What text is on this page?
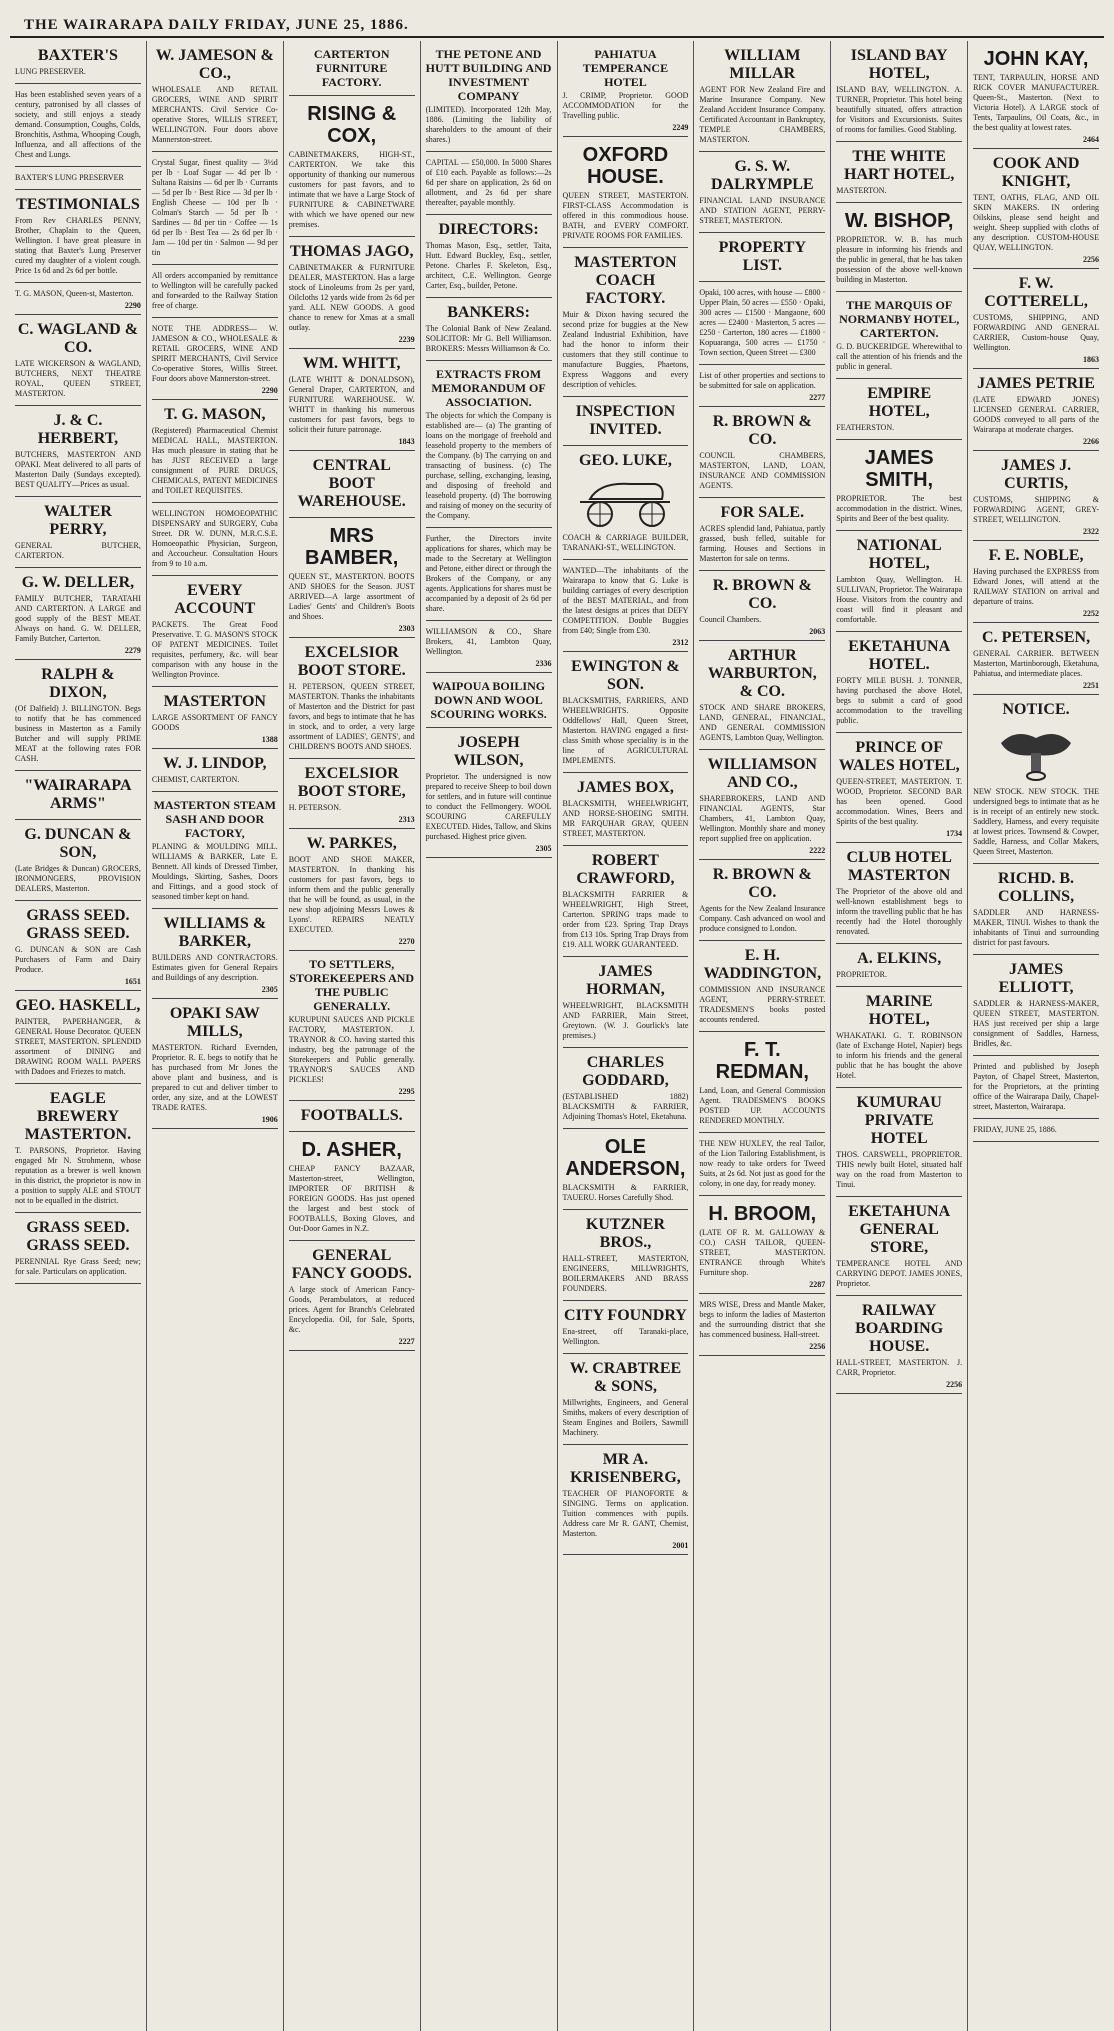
THE WAIRARAPA DAILY FRIDAY, JUNE 25, 1886.
BAXTER'S
LUNG PRESERVER.
Has been established seven years of a century, patronised by all classes of society, and still enjoys a steady demand. Consumption, Coughs, Colds, Bronchitis, Asthma, Whooping Cough, Influenza, and all affections of the Chest and Lungs.
BAXTER'S LUNG PRESERVER
TESTIMONIALS
From Rev CHARLES PENNY, Brother, Chaplain to the Queen, Wellington. I have great pleasure in stating that Baxter's Lung Preserver cured my daughter of a violent cough. Price 1s 6d and 2s 6d per bottle.
T. G. MASON, Queen-st, Masterton.
2290
C. WAGLAND & CO.
LATE WICKERSON & WAGLAND, BUTCHERS, NEXT THEATRE ROYAL, QUEEN STREET, MASTERTON.
J. & C. HERBERT,
BUTCHERS, MASTERTON AND OPAKI. Meat delivered to all parts of Masterton Daily (Sundays excepted). BEST QUALITY—Prices as usual.
WALTER PERRY,
GENERAL BUTCHER, CARTERTON.
G. W. DELLER,
FAMILY BUTCHER, TARATAHI AND CARTERTON. A LARGE and good supply of the BEST MEAT. Always on hand. G. W. DELLER, Family Butcher, Carterton.
2279
RALPH & DIXON,
(Of Dalfield) J. BILLINGTON. Begs to notify that he has commenced business in Masterton as a Family Butcher and will supply PRIME MEAT at the following rates FOR CASH.
"WAIRARAPA ARMS"
G. DUNCAN & SON,
(Late Bridges & Duncan) GROCERS, IRONMONGERS, PROVISION DEALERS, Masterton.
GRASS SEED. GRASS SEED.
G. DUNCAN & SON are Cash Purchasers of Farm and Dairy Produce.
1651
GEO. HASKELL,
PAINTER, PAPERHANGER, & GENERAL House Decorator. QUEEN STREET, MASTERTON. SPLENDID assortment of DINING and DRAWING ROOM WALL PAPERS with Dadoes and Friezes to match.
EAGLE BREWERY MASTERTON.
T. PARSONS, Proprietor. Having engaged Mr N. Strohmenn, whose reputation as a brewer is well known in this district, the proprietor is now in a position to supply ALE and STOUT not to be equalled in the district.
GRASS SEED. GRASS SEED.
PERENNIAL Rye Grass Seed; new; for sale. Particulars on application.
W. JAMESON & CO.,
WHOLESALE AND RETAIL GROCERS, WINE AND SPIRIT MERCHANTS. Civil Service Co-operative Stores, WILLIS STREET, WELLINGTON. Four doors above Mannerston-street.
Crystal Sugar, finest quality — 3½d per lb · Loaf Sugar — 4d per lb · Sultana Raisins — 6d per lb · Currants — 5d per lb · Best Rice — 3d per lb · English Cheese — 10d per lb · Colman's Starch — 5d per lb · Sardines — 8d per tin · Coffee — 1s 6d per lb · Best Tea — 2s 6d per lb · Jam — 10d per tin · Salmon — 9d per tin
All orders accompanied by remittance to Wellington will be carefully packed and forwarded to the Railway Station free of charge.
NOTE THE ADDRESS— W. JAMESON & CO., WHOLESALE & RETAIL GROCERS, WINE AND SPIRIT MERCHANTS, Civil Service Co-operative Stores, Willis Street. Four doors above Mannerston-street.
2290
T. G. MASON,
(Registered) Pharmaceutical Chemist MEDICAL HALL, MASTERTON. Has much pleasure in stating that he has JUST RECEIVED a large consignment of PURE DRUGS, CHEMICALS, PATENT MEDICINES and TOILET REQUISITES.
WELLINGTON HOMOEOPATHIC DISPENSARY and SURGERY, Cuba Street. DR W. DUNN, M.R.C.S.E. Homoeopathic Physician, Surgeon, and Accoucheur. Consultation Hours from 9 to 10 a.m.
EVERY ACCOUNT
PACKETS. The Great Food Preservative. T. G. MASON'S STOCK OF PATENT MEDICINES. Toilet requisites, perfumery, &c. will bear comparison with any house in the Wellington Province.
MASTERTON
LARGE ASSORTMENT OF FANCY GOODS
1388
W. J. LINDOP,
CHEMIST, CARTERTON.
MASTERTON STEAM SASH AND DOOR FACTORY,
PLANING & MOULDING MILL. WILLIAMS & BARKER, Late E. Bennett. All kinds of Dressed Timber, Mouldings, Skirting, Sashes, Doors and Fittings, and a good stock of seasoned timber kept on hand.
WILLIAMS & BARKER,
BUILDERS AND CONTRACTORS. Estimates given for General Repairs and Buildings of any description.
2305
OPAKI SAW MILLS,
MASTERTON. Richard Evernden, Proprietor. R. E. begs to notify that he has purchased from Mr Jones the above plant and business, and is prepared to cut and deliver timber to order, any size, and at the LOWEST TRADE RATES.
1906
CARTERTON FURNITURE FACTORY.
RISING & COX,
CABINETMAKERS, HIGH-ST., CARTERTON. We take this opportunity of thanking our numerous customers for past favors, and to intimate that we have a Large Stock of FURNITURE & CABINETWARE with which we have opened our new premises.
THOMAS JAGO,
CABINETMAKER & FURNITURE DEALER, MASTERTON. Has a large stock of Linoleums from 2s per yard, Oilcloths 12 yards wide from 2s 6d per yard. ALL NEW GOODS. A good chance to renew for Xmas at a small outlay.
2239
WM. WHITT,
(LATE WHITT & DONALDSON), General Draper, CARTERTON, and FURNITURE WAREHOUSE. W. WHITT in thanking his numerous customers for past favors, begs to solicit their future patronage.
1843
CENTRAL BOOT WAREHOUSE.
MRS BAMBER,
QUEEN ST., MASTERTON. BOOTS AND SHOES for the Season. JUST ARRIVED—A large assortment of Ladies' Gents' and Children's Boots and Shoes.
2303
EXCELSIOR BOOT STORE.
H. PETERSON, QUEEN STREET, MASTERTON. Thanks the inhabitants of Masterton and the District for past favors, and begs to intimate that he has in stock, and to order, a very large assortment of LADIES', GENTS', and CHILDREN'S BOOTS AND SHOES.
EXCELSIOR BOOT STORE,
H. PETERSON.
2313
W. PARKES,
BOOT AND SHOE MAKER, MASTERTON. In thanking his customers for past favors, begs to inform them and the public generally that he will be found, as usual, in the new shop adjoining Messrs Lowes & Lyons'. REPAIRS NEATLY EXECUTED.
2270
TO SETTLERS, STOREKEEPERS AND THE PUBLIC GENERALLY.
KURUPUNI SAUCES AND PICKLE FACTORY, MASTERTON. J. TRAYNOR & CO. having started this industry, beg the patronage of the Storekeepers and Public generally. TRAYNOR'S SAUCES AND PICKLES!
2295
FOOTBALLS.
D. ASHER,
CHEAP FANCY BAZAAR, Masterton-street, Wellington, IMPORTER OF BRITISH & FOREIGN GOODS. Has just opened the largest and best stock of FOOTBALLS, Boxing Gloves, and Out-Door Games in N.Z.
GENERAL FANCY GOODS.
A large stock of American Fancy-Goods, Perambulators, at reduced prices. Agent for Branch's Celebrated Encyclopedia. Oil, for Sale, Sports, &c.
2227
THE PETONE AND HUTT BUILDING AND INVESTMENT COMPANY
(LIMITED). Incorporated 12th May, 1886. (Limiting the liability of shareholders to the amount of their shares.)
CAPITAL — £50,000. In 5000 Shares of £10 each. Payable as follows:—2s 6d per share on application, 2s 6d on allotment, and 2s 6d per share thereafter, payable monthly.
DIRECTORS:
Thomas Mason, Esq., settler, Taita, Hutt. Edward Buckley, Esq., settler, Petone. Charles F. Skeleton, Esq., architect, C.E. Wellington. George Carter, Esq., builder, Petone.
BANKERS:
The Colonial Bank of New Zealand. SOLICITOR: Mr G. Bell Williamson. BROKERS: Messrs Williamson & Co.
EXTRACTS FROM MEMORANDUM OF ASSOCIATION.
The objects for which the Company is established are— (a) The granting of loans on the mortgage of freehold and leasehold property to the members of the Company. (b) The carrying on and transacting of business. (c) The purchase, selling, exchanging, leasing, and disposing of freehold and leasehold property. (d) The borrowing and raising of money on the security of the Company.
Further, the Directors invite applications for shares, which may be made to the Secretary at Wellington and Petone, either direct or through the Brokers of the Company, or any agents. Applications for shares must be accompanied by a deposit of 2s 6d per share.
WILLIAMSON & CO., Share Brokers, 41, Lambton Quay, Wellington.
2336
WAIPOUA BOILING DOWN AND WOOL SCOURING WORKS.
JOSEPH WILSON,
Proprietor. The undersigned is now prepared to receive Sheep to boil down for settlers, and in future will continue to conduct the Fellmongery. WOOL SCOURING CAREFULLY EXECUTED. Hides, Tallow, and Skins purchased. Highest price given.
2305
PAHIATUA TEMPERANCE HOTEL
J. CRIMP, Proprietor. GOOD ACCOMMODATION for the Travelling public.
2249
OXFORD HOUSE.
QUEEN STREET, MASTERTON. FIRST-CLASS Accommodation is offered in this commodious house. BATH, and EVERY COMFORT. PRIVATE ROOMS FOR FAMILIES.
MASTERTON COACH FACTORY.
Muir & Dixon having secured the second prize for buggies at the New Zealand Industrial Exhibition, have had the honor to inform their customers that they still continue to manufacture Buggies, Phaetons, Express Waggons and every description of vehicles.
INSPECTION INVITED.
GEO. LUKE,
COACH & CARRIAGE BUILDER, TARANAKI-ST., WELLINGTON.
WANTED—The inhabitants of the Wairarapa to know that G. Luke is building carriages of every description of the BEST MATERIAL, and from the latest designs at prices that DEFY COMPETITION. Double Buggies from £40; Single from £30.
2312
EWINGTON & SON.
BLACKSMITHS, FARRIERS, AND WHEELWRIGHTS. Opposite Oddfellows' Hall, Queen Street, Masterton. HAVING engaged a first-class Smith whose speciality is in the line of AGRICULTURAL IMPLEMENTS.
JAMES BOX,
BLACKSMITH, WHEELWRIGHT, AND HORSE-SHOEING SMITH. MR FARQUHAR GRAY, QUEEN STREET, MASTERTON.
ROBERT CRAWFORD,
BLACKSMITH FARRIER & WHEELWRIGHT, High Street, Carterton. SPRING traps made to order from £23. Spring Trap Drays from £13 10s. Spring Trap Drays from £19. ALL WORK GUARANTEED.
JAMES HORMAN,
WHEELWRIGHT, BLACKSMITH AND FARRIER, Main Street, Greytown. (W. J. Gourlick's late premises.)
CHARLES GODDARD,
(ESTABLISHED 1882) BLACKSMITH & FARRIER, Adjoining Thomas's Hotel, Eketahuna.
OLE ANDERSON,
BLACKSMITH & FARRIER, TAUERU. Horses Carefully Shod.
KUTZNER BROS.,
HALL-STREET, MASTERTON, ENGINEERS, MILLWRIGHTS, BOILERMAKERS AND BRASS FOUNDERS.
CITY FOUNDRY
Ena-street, off Taranaki-place, Wellington.
W. CRABTREE & SONS,
Millwrights, Engineers, and General Smiths, makers of every description of Steam Engines and Boilers, Sawmill Machinery.
MR A. KRISENBERG,
TEACHER OF PIANOFORTE & SINGING. Terms on application. Tuition commences with pupils. Address care Mr R. GANT, Chemist, Masterton.
2001
WILLIAM MILLAR
AGENT FOR New Zealand Fire and Marine Insurance Company. New Zealand Accident Insurance Company. Certificated Accountant in Bankruptcy, TEMPLE CHAMBERS, MASTERTON.
G. S. W. DALRYMPLE
FINANCIAL LAND INSURANCE AND STATION AGENT, PERRY-STREET, MASTERTON.
PROPERTY LIST.
Opaki, 100 acres, with house — £800 · Upper Plain, 50 acres — £550 · Opaki, 300 acres — £1500 · Mangaone, 600 acres — £2400 · Masterton, 5 acres — £250 · Carterton, 180 acres — £1800 · Kopuaranga, 500 acres — £1750 · Town section, Queen Street — £300
List of other properties and sections to be submitted for sale on application.
2277
R. BROWN & CO.
COUNCIL CHAMBERS, MASTERTON, LAND, LOAN, INSURANCE AND COMMISSION AGENTS.
FOR SALE.
ACRES splendid land, Pahiatua, partly grassed, bush felled, suitable for farming. Houses and Sections in Masterton for sale on terms.
R. BROWN & CO.
Council Chambers.
2063
ARTHUR WARBURTON, & CO.
STOCK AND SHARE BROKERS, LAND, GENERAL, FINANCIAL, AND GENERAL COMMISSION AGENTS, Lambton Quay, Wellington.
WILLIAMSON AND CO.,
SHAREBROKERS, LAND AND FINANCIAL AGENTS, Star Chambers, 41, Lambton Quay, Wellington. Monthly share and money report supplied free on application.
2222
R. BROWN & CO.
Agents for the New Zealand Insurance Company. Cash advanced on wool and produce consigned to London.
E. H. WADDINGTON,
COMMISSION AND INSURANCE AGENT, PERRY-STREET. TRADESMEN'S books posted accounts rendered.
F. T. REDMAN,
Land, Loan, and General Commission Agent. TRADESMEN'S BOOKS POSTED UP. ACCOUNTS RENDERED MONTHLY.
THE NEW HUXLEY, the real Tailor, of the Lion Tailoring Establishment, is now ready to take orders for Tweed Suits, at 2s 6d. Not just as good for the colony, in one day, for ready money.
H. BROOM,
(LATE OF R. M. GALLOWAY & CO.) CASH TAILOR, QUEEN-STREET, MASTERTON. ENTRANCE through White's Furniture shop.
2287
MRS WISE, Dress and Mantle Maker, begs to inform the ladies of Masterton and the surrounding district that she has commenced business. Hall-street.
2256
ISLAND BAY HOTEL,
ISLAND BAY, WELLINGTON. A. TURNER, Proprietor. This hotel being beautifully situated, offers attraction for Visitors and Excursionists. Suites of rooms for families. Good Stabling.
THE WHITE HART HOTEL,
MASTERTON.
W. BISHOP,
PROPRIETOR. W. B. has much pleasure in informing his friends and the public in general, that he has taken possession of the above well-known building in Masterton.
THE MARQUIS OF NORMANBY HOTEL, CARTERTON.
G. D. BUCKERIDGE. Wherewithal to call the attention of his friends and the public in general.
EMPIRE HOTEL,
FEATHERSTON.
JAMES SMITH,
PROPRIETOR. The best accommodation in the district. Wines, Spirits and Beer of the best quality.
NATIONAL HOTEL,
Lambton Quay, Wellington. H. SULLIVAN, Proprietor. The Wairarapa House. Visitors from the country and coast will find it pleasant and comfortable.
EKETAHUNA HOTEL.
FORTY MILE BUSH. J. TONNER, having purchased the above Hotel, begs to submit a card of good accommodation to the travelling public.
PRINCE OF WALES HOTEL,
QUEEN-STREET, MASTERTON. T. WOOD, Proprietor. SECOND BAR has been opened. Good accommodation. Wines, Beers and Spirits of the best quality.
1734
CLUB HOTEL MASTERTON
The Proprietor of the above old and well-known establishment begs to inform the travelling public that he has recently had the Hotel thoroughly renovated.
A. ELKINS,
PROPRIETOR.
MARINE HOTEL,
WHAKATAKI. G. T. ROBINSON (late of Exchange Hotel, Napier) begs to inform his friends and the general public that he has bought the above Hotel.
KUMURAU PRIVATE HOTEL
THOS. CARSWELL, PROPRIETOR. THIS newly built Hotel, situated half way on the road from Masterton to Tinui.
EKETAHUNA GENERAL STORE,
TEMPERANCE HOTEL AND CARRYING DEPOT. JAMES JONES, Proprietor.
RAILWAY BOARDING HOUSE.
HALL-STREET, MASTERTON. J. CARR, Proprietor.
2256
JOHN KAY,
TENT, TARPAULIN, HORSE AND RICK COVER MANUFACTURER. Queen-St., Masterton. (Next to Victoria Hotel). A LARGE stock of Tents, Tarpaulins, Oil Coats, &c., in the best quality at lowest rates.
2464
COOK AND KNIGHT,
TENT, OATHS, FLAG, AND OIL SKIN MAKERS. IN ordering Oilskins, please send height and weight. Sheep supplied with cloths of any description. CUSTOM-HOUSE QUAY, WELLINGTON.
2256
F. W. COTTERELL,
CUSTOMS, SHIPPING, AND FORWARDING AND GENERAL CARRIER, Custom-house Quay, Wellington.
1863
JAMES PETRIE
(LATE EDWARD JONES) LICENSED GENERAL CARRIER, GOODS conveyed to all parts of the Wairarapa at moderate charges.
2266
JAMES J. CURTIS,
CUSTOMS, SHIPPING & FORWARDING AGENT, GREY-STREET, WELLINGTON.
2322
F. E. NOBLE,
Having purchased the EXPRESS from Edward Jones, will attend at the RAILWAY STATION on arrival and departure of trains.
2252
C. PETERSEN,
GENERAL CARRIER. BETWEEN Masterton, Martinborough, Eketahuna, Pahiatua, and intermediate places.
2251
NOTICE.
NEW STOCK. NEW STOCK. THE undersigned begs to intimate that as he is in receipt of an entirely new stock. Saddlery, Harness, and every requisite at lowest prices. Townsend & Cowper, Saddle, Harness, and Collar Makers, Queen Street, Masterton.
RICHD. B. COLLINS,
SADDLER AND HARNESS-MAKER, TINUI. Wishes to thank the inhabitants of Tinui and surrounding district for past favours.
JAMES ELLIOTT,
SADDLER & HARNESS-MAKER, QUEEN STREET, MASTERTON. HAS just received per ship a large consignment of Saddles, Harness, Bridles, &c.
Printed and published by Joseph Payton, of Chapel Street, Masterton, for the Proprietors, at the printing office of the Wairarapa Daily, Chapel-street, Masterton, Wairarapa.
FRIDAY, JUNE 25, 1886.
